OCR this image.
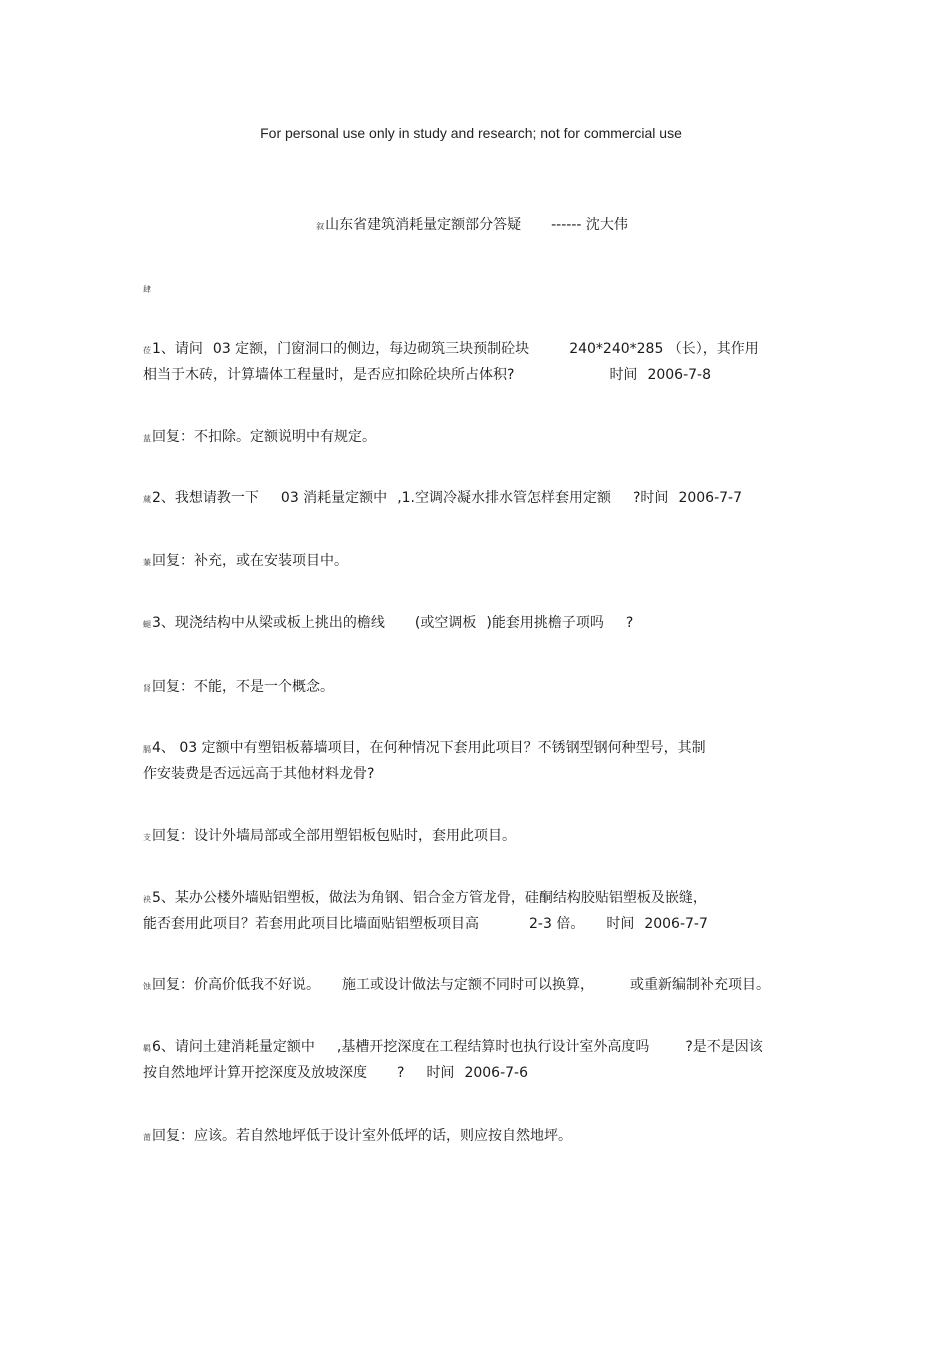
For personal use only in study and research; not for commercial use
叙山东省建筑消耗量定额部分答疑 ------ 沈大伟
肆
莅1、请问 03 定额，门窗洞口的侧边，每边砌筑三块预制砼块	240*240*285 （长），其作用
相当于木砖，计算墙体工程量时，是否应扣除砼块所占体积?	时间 2006-7-8
蒀回复：不扣除。定额说明中有规定。
蒇2、我想请教一下 03 消耗量定额中 ,1.空调冷凝水排水管怎样套用定额 ?时间 2006-7-7
蒹回复：补充，或在安装项目中。
螁3、现浇结构中从梁或板上挑出的檐线 (或空调板 )能套用挑檐子项吗 ?
肾回复：不能，不是一个概念。
膈4、 03 定额中有塑铝板幕墙项目，在何种情况下套用此项目？不锈钢型钢何种型号，其制
作安装费是否远远高于其他材料龙骨?
支回复：设计外墙局部或全部用塑铝板包贴时，套用此项目。
袂5、某办公楼外墙贴铝塑板，做法为角钢、铝合金方管龙骨，硅酮结构胶贴铝塑板及嵌缝，
能否套用此项目？若套用此项目比墙面贴铝塑板项目高	2-3 倍。 时间 2006-7-7
蚀回复：价高价低我不好说。 施工或设计做法与定额不同时可以换算，	或重新编制补充项目。
羁6、请问土建消耗量定额中 ,基槽开挖深度在工程结算时也执行设计室外高度吗	?是不是因该
按自然地坪计算开挖深度及放坡深度 ? 时间 2006-7-6
莆回复：应该。若自然地坪低于设计室外低坪的话，则应按自然地坪。
